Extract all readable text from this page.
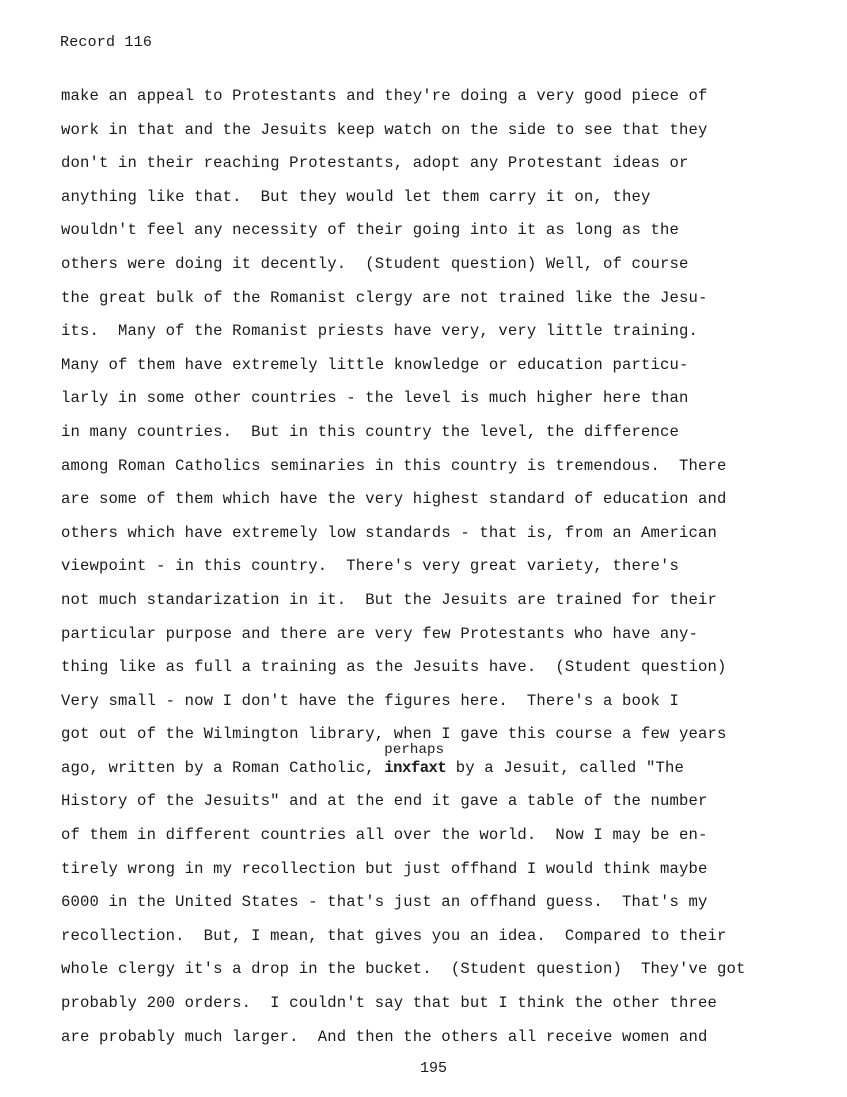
Record 116
make an appeal to Protestants and they're doing a very good piece of
work in that and the Jesuits keep watch on the side to see that they
don't in their reaching Protestants, adopt any Protestant ideas or
anything like that.  But they would let them carry it on, they
wouldn't feel any necessity of their going into it as long as the
others were doing it decently.  (Student question) Well, of course
the great bulk of the Romanist clergy are not trained like the Jesu-
its.  Many of the Romanist priests have very, very little training.
Many of them have extremely little knowledge or education particu-
larly in some other countries - the level is much higher here than
in many countries.  But in this country the level, the difference
among Roman Catholics seminaries in this country is tremendous.  There
are some of them which have the very highest standard of education and
others which have extremely low standards - that is, from an American
viewpoint - in this country.  There's very great variety, there's
not much standarization in it.  But the Jesuits are trained for their
particular purpose and there are very few Protestants who have any-
thing like as full a training as the Jesuits have.  (Student question)
Very small - now I don't have the figures here.  There's a book I
got out of the Wilmington library, when I gave this course a few years
ago, written by a Roman Catholic,
perhaps
inxfaxt by a Jesuit, called "The
History of the Jesuits" and at the end it gave a table of the number
of them in different countries all over the world.  Now I may be en-
tirely wrong in my recollection but just offhand I would think maybe
6000 in the United States - that's just an offhand guess.  That's my
recollection.  But, I mean, that gives you an idea.  Compared to their
whole clergy it's a drop in the bucket.  (Student question)  They've got
probably 200 orders.  I couldn't say that but I think the other three
are probably much larger.  And then the others all receive women and
195
